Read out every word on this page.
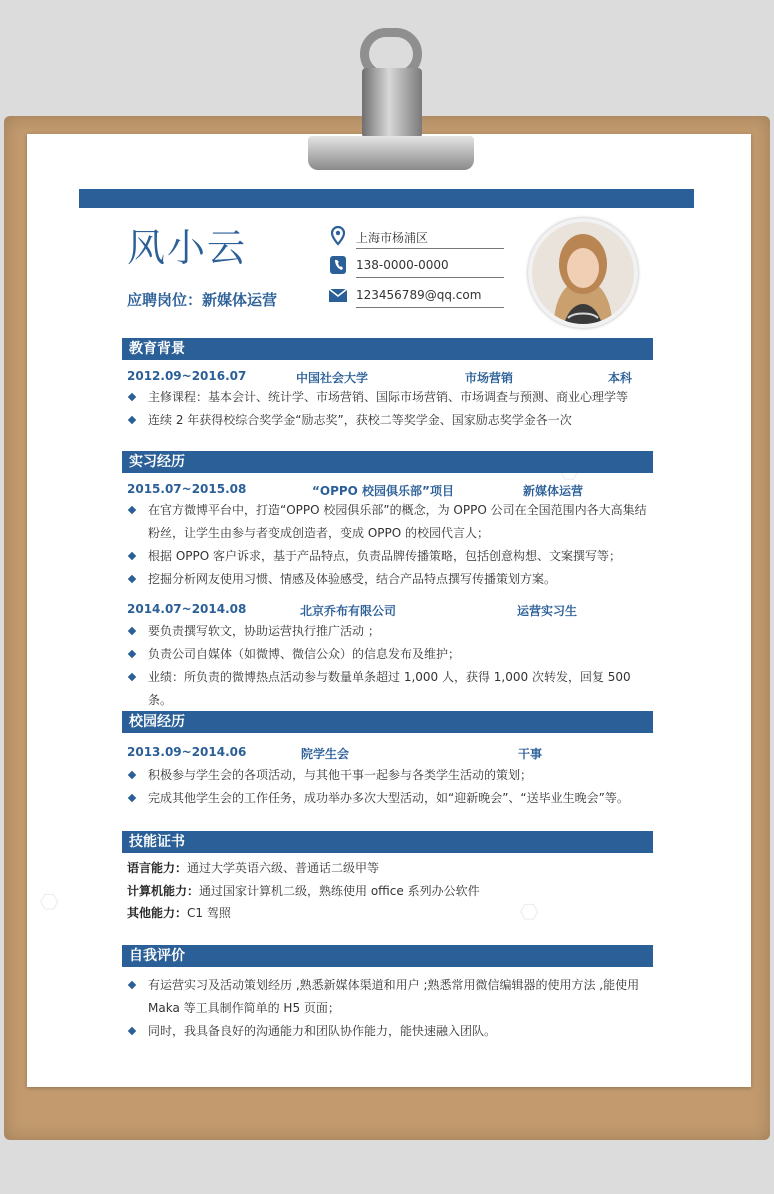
风小云
应聘岗位：新媒体运营
上海市杨浦区
138-0000-0000
123456789@qq.com
⬡	⬡
教育背景
2012.09~2016.07	中国社会大学	市场营销	本科
主修课程：基本会计、统计学、市场营销、国际市场营销、市场调查与预测、商业心理学等
连续 2 年获得校综合奖学金“励志奖”，获校二等奖学金、国家励志奖学金各一次
实习经历
2015.07~2015.08	“OPPO 校园俱乐部”项目	新媒体运营
在官方微博平台中，打造“OPPO 校园俱乐部”的概念，为 OPPO 公司在全国范围内各大高集结粉丝，让学生由参与者变成创造者，变成 OPPO 的校园代言人；
根据 OPPO 客户诉求，基于产品特点，负责品牌传播策略，包括创意构想、文案撰写等；
挖掘分析网友使用习惯、情感及体验感受，结合产品特点撰写传播策划方案。
2014.07~2014.08	北京乔布有限公司	运营实习生
要负责撰写软文，协助运营执行推广活动 ；
负责公司自媒体（如微博、微信公众）的信息发布及维护；
业绩：所负责的微博热点活动参与数量单条超过 1,000 人，获得 1,000 次转发，回复 500 条。
校园经历
2013.09~2014.06	院学生会	干事
积极参与学生会的各项活动，与其他干事一起参与各类学生活动的策划；
完成其他学生会的工作任务，成功举办多次大型活动，如“迎新晚会”、“送毕业生晚会”等。
技能证书
语言能力：通过大学英语六级、普通话二级甲等
计算机能力：通过国家计算机二级，熟练使用 office 系列办公软件
其他能力：C1 驾照
自我评价
有运营实习及活动策划经历 ,熟悉新媒体渠道和用户 ;熟悉常用微信编辑器的使用方法 ,能使用 Maka 等工具制作简单的 H5 页面；
同时，我具备良好的沟通能力和团队协作能力，能快速融入团队。
